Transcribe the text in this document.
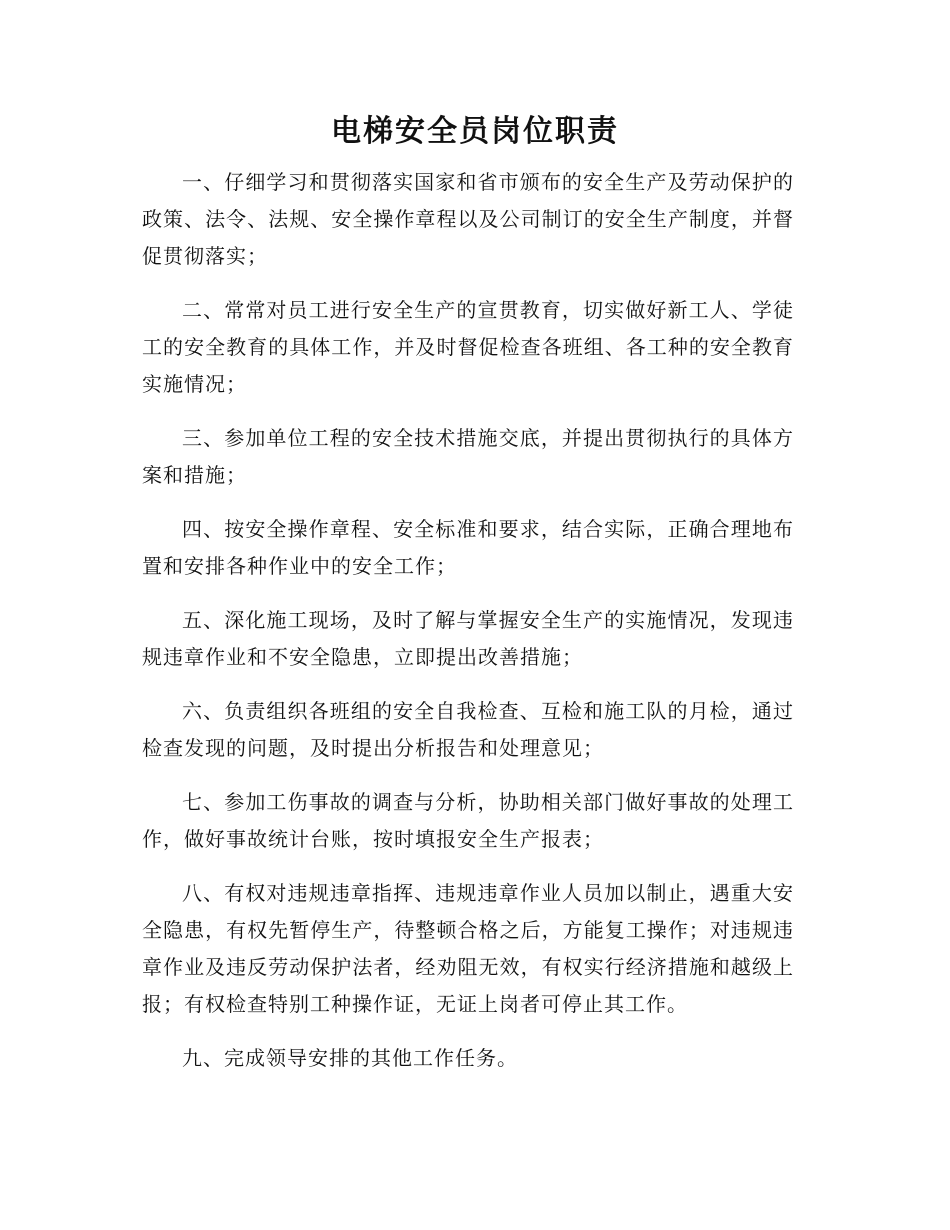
电梯安全员岗位职责

一、仔细学习和贯彻落实国家和省市颁布的安全生产及劳动保护的政策、法令、法规、安全操作章程以及公司制订的安全生产制度，并督促贯彻落实；

二、常常对员工进行安全生产的宣贯教育，切实做好新工人、学徒工的安全教育的具体工作，并及时督促检查各班组、各工种的安全教育实施情况；

三、参加单位工程的安全技术措施交底，并提出贯彻执行的具体方案和措施；

四、按安全操作章程、安全标准和要求，结合实际，正确合理地布置和安排各种作业中的安全工作；

五、深化施工现场，及时了解与掌握安全生产的实施情况，发现违规违章作业和不安全隐患，立即提出改善措施；

六、负责组织各班组的安全自我检查、互检和施工队的月检，通过检查发现的问题，及时提出分析报告和处理意见；

七、参加工伤事故的调查与分析，协助相关部门做好事故的处理工作，做好事故统计台账，按时填报安全生产报表；

八、有权对违规违章指挥、违规违章作业人员加以制止，遇重大安全隐患，有权先暂停生产，待整顿合格之后，方能复工操作；对违规违章作业及违反劳动保护法者，经劝阻无效，有权实行经济措施和越级上报；有权检查特别工种操作证，无证上岗者可停止其工作。

九、完成领导安排的其他工作任务。
